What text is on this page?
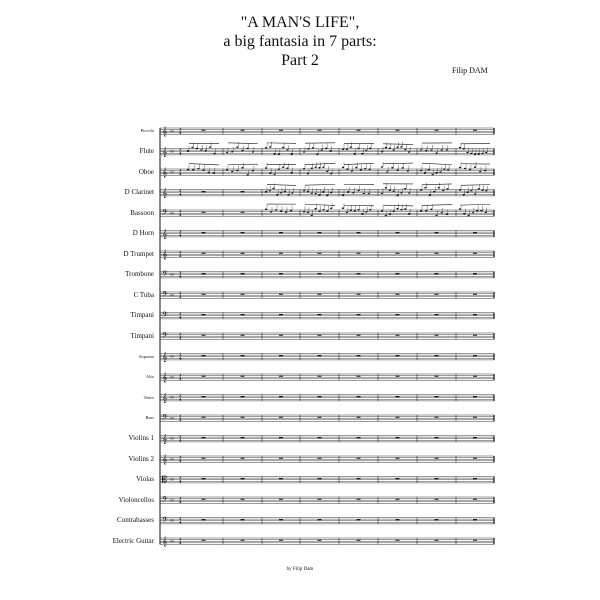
"A MAN'S LIFE",
a big fantasia in 7 parts:
Part 2
Filip DAM
Piccolo
Flute
Oboe
D Clarinet
Bassoon
D Horn
D Trumpet
Trombone
C Tuba
Timpani
Timpani
Soprano
Alto
Tenor
Bass
Violins 1
Violins 2
Violas
Violoncellos
Contrabasses
Electric Guitar
𝄞 ♯♯ 3
4
𝄞 ♯♯ 3
4
𝄞 ♯♯ 3
4
𝄞	3
4
𝄢 ♯♯ 3
4
𝄞	3
4
𝄞	3
4
𝄢 ♯♯ 3
4
𝄢 ♯♯ 3
4
𝄢	3
4
𝄢	3
4
𝄞 ♯♯ 3
4
𝄞 ♯♯ 3
4
𝄞 ♯♯ 3
4
𝄢 ♯♯ 3
4
𝄞 ♯♯ 3
4
𝄞 ♯♯ 3
4
𝄡 ♯♯ 3
4
𝄢 ♯♯ 3
4
𝄢 ♯♯ 3
4
𝄞 ♯♯ 3
4
by Filip Dam
